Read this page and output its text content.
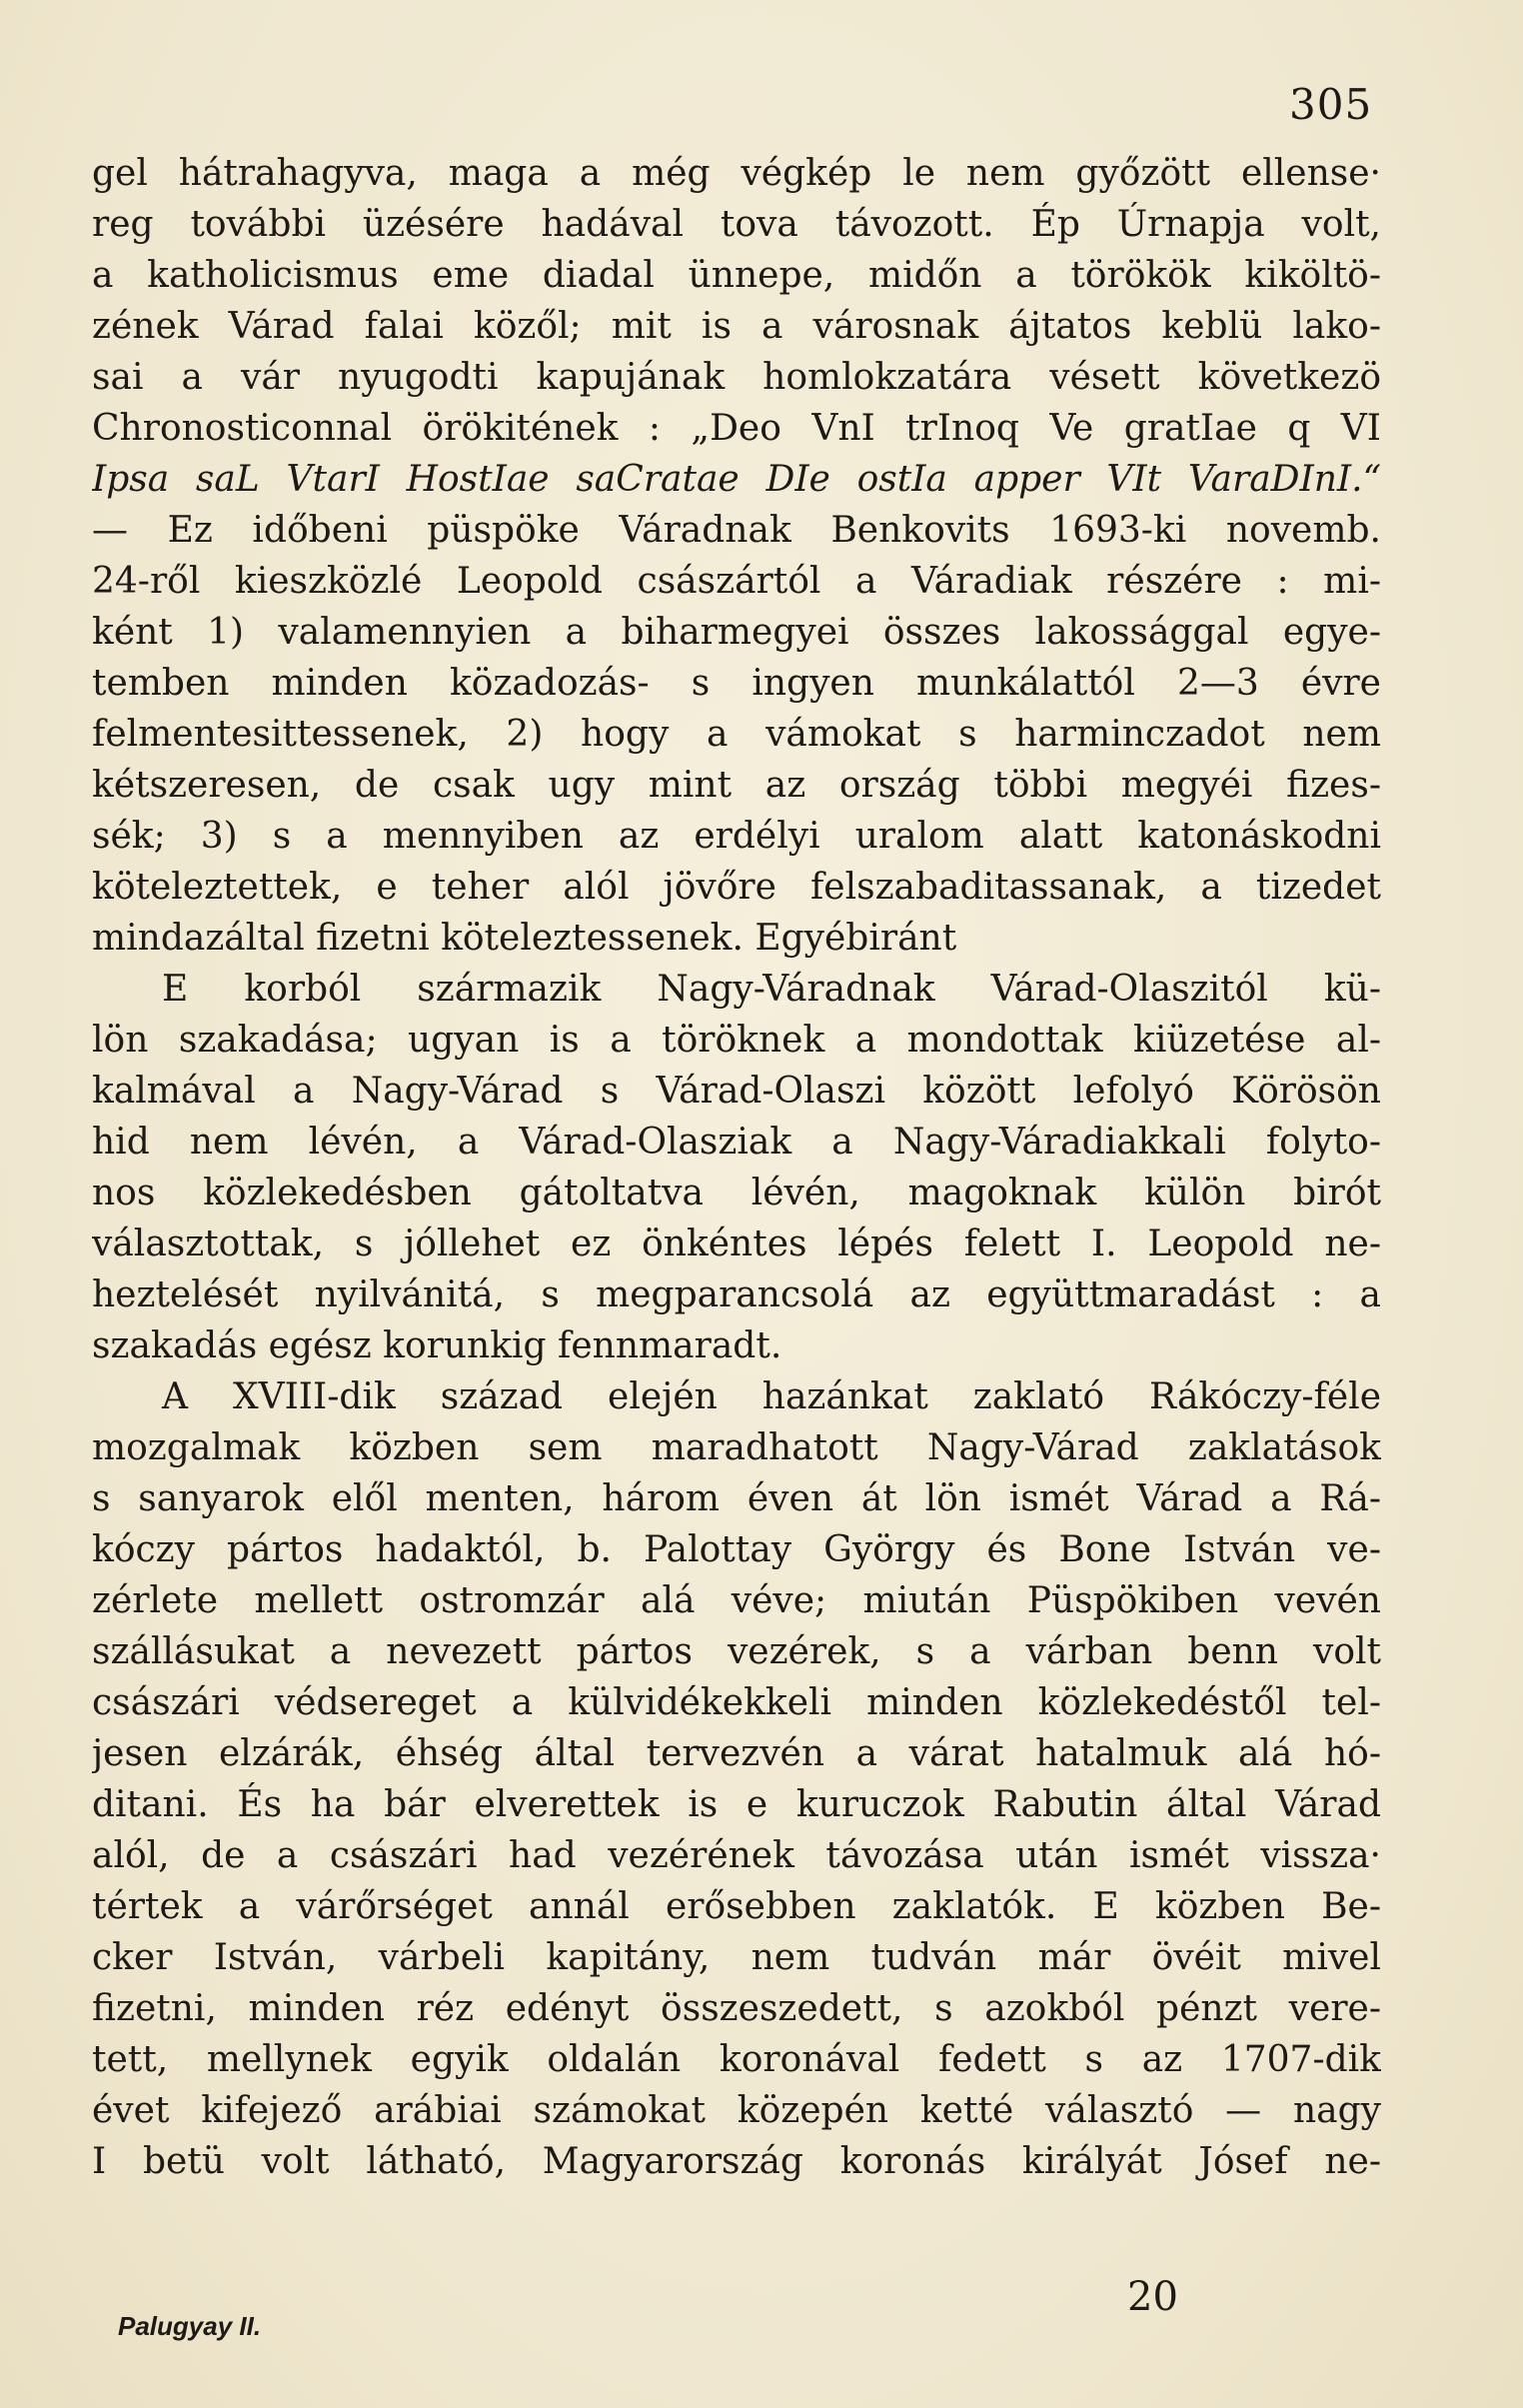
305
gel hátrahagyva, maga a még végkép le nem győzött ellense·
reg további üzésére hadával tova távozott. Ép Úrnapja volt,
a katholicismus eme diadal ünnepe, midőn a törökök kiköltö-
zének Várad falai közől; mit is a városnak ájtatos keblü lako-
sai a vár nyugodti kapujának homlokzatára vésett következö
Chronosticonnal örökitének : „Deo VnI trInoq Ve gratIae q VI
Ipsa saL VtarI HostIae saCratae DIe ostIa apper VIt VaraDInI.“
— Ez időbeni püspöke Váradnak Benkovits 1693-ki novemb.
24-ről kieszközlé Leopold császártól a Váradiak részére : mi-
ként 1) valamennyien a biharmegyei összes lakossággal egye-
temben minden közadozás- s ingyen munkálattól 2—3 évre
felmentesittessenek, 2) hogy a vámokat s harminczadot nem
kétszeresen, de csak ugy mint az ország többi megyéi fizes-
sék; 3) s a mennyiben az erdélyi uralom alatt katonáskodni
köteleztettek, e teher alól jövőre felszabaditassanak, a tizedet
mindazáltal fizetni köteleztessenek. Egyébiránt
E korból származik Nagy-Váradnak Várad-Olaszitól kü-
lön szakadása; ugyan is a töröknek a mondottak kiüzetése al-
kalmával a Nagy-Várad s Várad-Olaszi között lefolyó Körösön
hid nem lévén, a Várad-Olasziak a Nagy-Váradiakkali folyto-
nos közlekedésben gátoltatva lévén, magoknak külön birót
választottak, s jóllehet ez önkéntes lépés felett I. Leopold ne-
heztelését nyilvánitá, s megparancsolá az együttmaradást : a
szakadás egész korunkig fennmaradt.
A XVIII-dik század elején hazánkat zaklató Rákóczy-féle
mozgalmak közben sem maradhatott Nagy-Várad zaklatások
s sanyarok elől menten, három éven át lön ismét Várad a Rá-
kóczy pártos hadaktól, b. Palottay György és Bone István ve-
zérlete mellett ostromzár alá véve; miután Püspökiben vevén
szállásukat a nevezett pártos vezérek, s a várban benn volt
császári védsereget a külvidékekkeli minden közlekedéstől tel-
jesen elzárák, éhség által tervezvén a várat hatalmuk alá hó-
ditani. És ha bár elverettek is e kuruczok Rabutin által Várad
alól, de a császári had vezérének távozása után ismét vissza·
tértek a várőrséget annál erősebben zaklatók. E közben Be-
cker István, várbeli kapitány, nem tudván már övéit mivel
fizetni, minden réz edényt összeszedett, s azokból pénzt vere-
tett, mellynek egyik oldalán koronával fedett s az 1707-dik
évet kifejező arábiai számokat közepén ketté választó — nagy
I betü volt látható, Magyarország koronás királyát Jósef ne-
20
Palugyay II.
